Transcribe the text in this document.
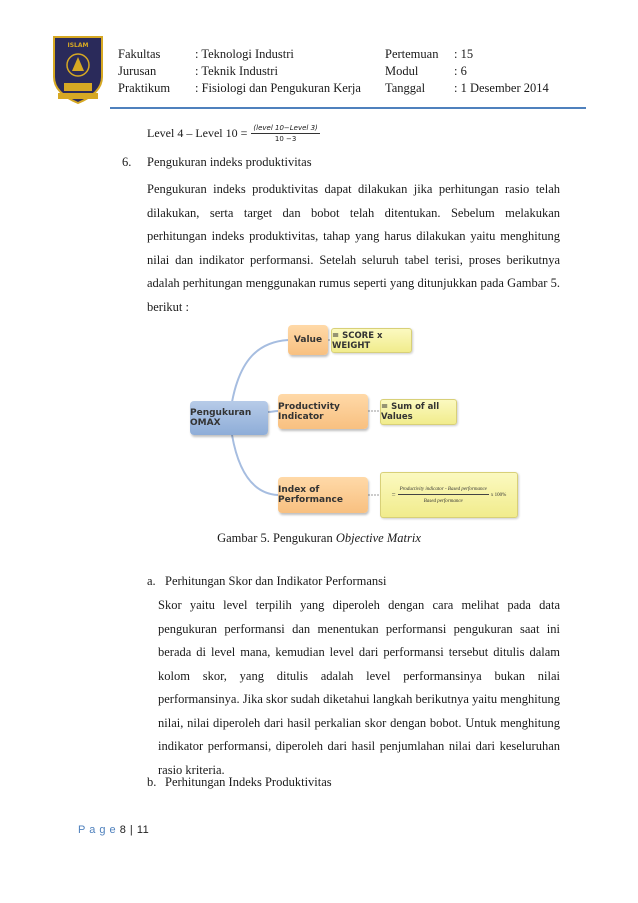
ISLAM
Fakultas	: Teknologi Industri
Jurusan	: Teknik Industri
Praktikum	: Fisiologi dan Pengukuran Kerja
Pertemuan	: 15
Modul	: 6
Tanggal	: 1 Desember 2014
Level 4 – Level $10 = \frac{\text{(level 10−Level 3)}}{10 -3}$
6.	Pengukuran indeks produktivitas
Pengukuran indeks produktivitas dapat dilakukan jika perhitungan rasio telah dilakukan, serta target dan bobot telah ditentukan. Sebelum melakukan perhitungan indeks produktivitas, tahap yang harus dilakukan yaitu menghitung nilai dan indikator performansi. Setelah seluruh tabel terisi, proses berikutnya adalah perhitungan menggunakan rumus seperti yang ditunjukkan pada Gambar 5. berikut :
Pengukuran OMAX
Value
Productivity Indicator
Index of Performance
= SCORE x WEIGHT
= Sum of all Values
=
Productivity indicator - Based performance
Based performance
x 100%
Gambar 5. Pengukuran Objective Matrix
a. Perhitungan Skor dan Indikator Performansi
Skor yaitu level terpilih yang diperoleh dengan cara melihat pada data pengukuran performansi dan menentukan performansi pengukuran saat ini berada di level mana, kemudian level dari performansi tersebut ditulis dalam kolom skor, yang ditulis adalah level performansinya bukan nilai performansinya. Jika skor sudah diketahui langkah berikutnya yaitu menghitung nilai, nilai diperoleh dari hasil perkalian skor dengan bobot. Untuk menghitung indikator performansi, diperoleh dari hasil penjumlahan nilai dari keseluruhan rasio kriteria.
b. Perhitungan Indeks Produktivitas
P a g e 8 | 11
